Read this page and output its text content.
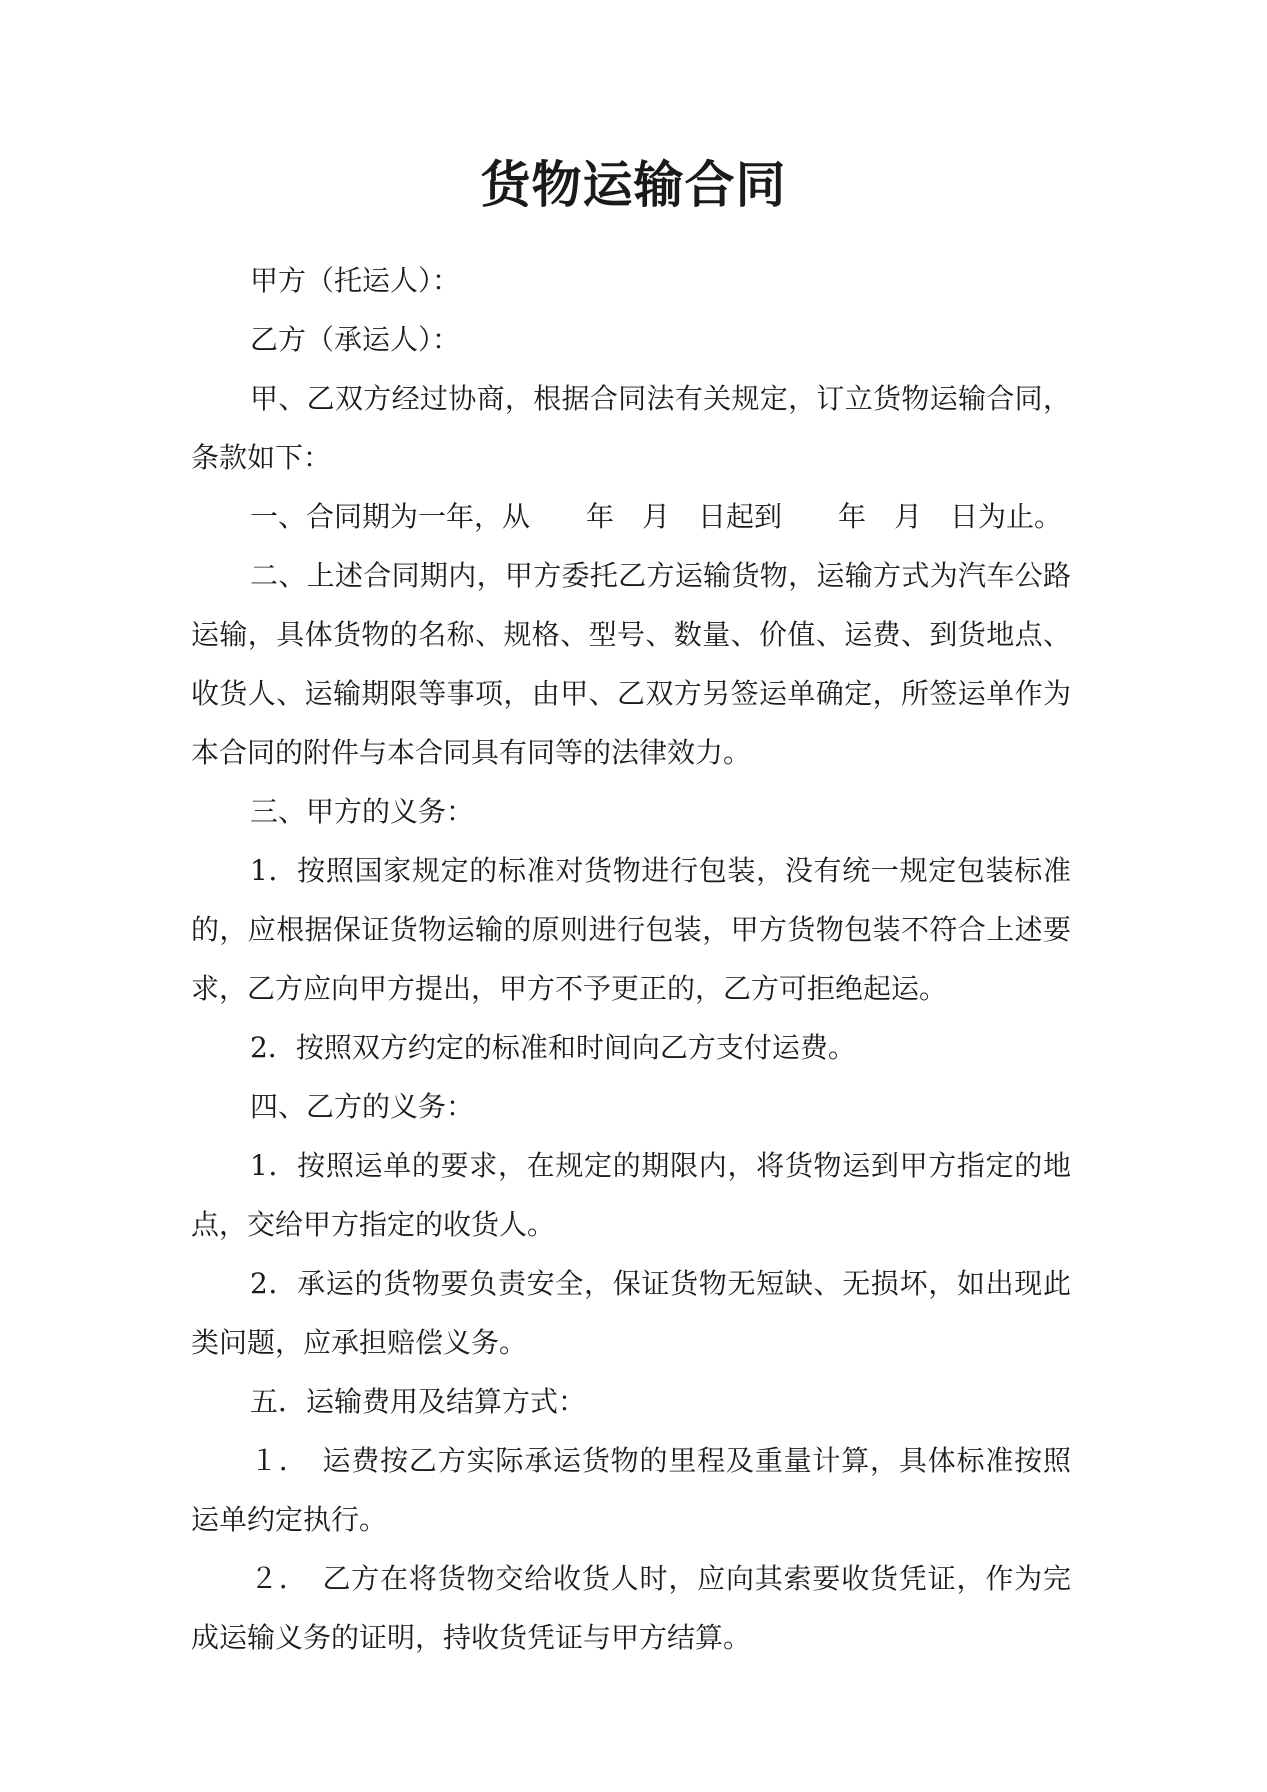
货物运输合同

甲方（托运人）：

乙方（承运人）：

甲、乙双方经过协商，根据合同法有关规定，订立货物运输合同，条款如下：

一、合同期为一年，从　　年　月　日起到　　年　月　日为止。

二、上述合同期内，甲方委托乙方运输货物，运输方式为汽车公路运输，具体货物的名称、规格、型号、数量、价值、运费、到货地点、收货人、运输期限等事项，由甲、乙双方另签运单确定，所签运单作为本合同的附件与本合同具有同等的法律效力。

三、甲方的义务：

1．按照国家规定的标准对货物进行包装，没有统一规定包装标准的，应根据保证货物运输的原则进行包装，甲方货物包装不符合上述要求，乙方应向甲方提出，甲方不予更正的，乙方可拒绝起运。

2．按照双方约定的标准和时间向乙方支付运费。

四、乙方的义务：

1．按照运单的要求，在规定的期限内，将货物运到甲方指定的地点，交给甲方指定的收货人。

2．承运的货物要负责安全，保证货物无短缺、无损坏，如出现此类问题，应承担赔偿义务。

五．运输费用及结算方式：

１．　运费按乙方实际承运货物的里程及重量计算，具体标准按照运单约定执行。

２．　乙方在将货物交给收货人时，应向其索要收货凭证，作为完成运输义务的证明，持收货凭证与甲方结算。
